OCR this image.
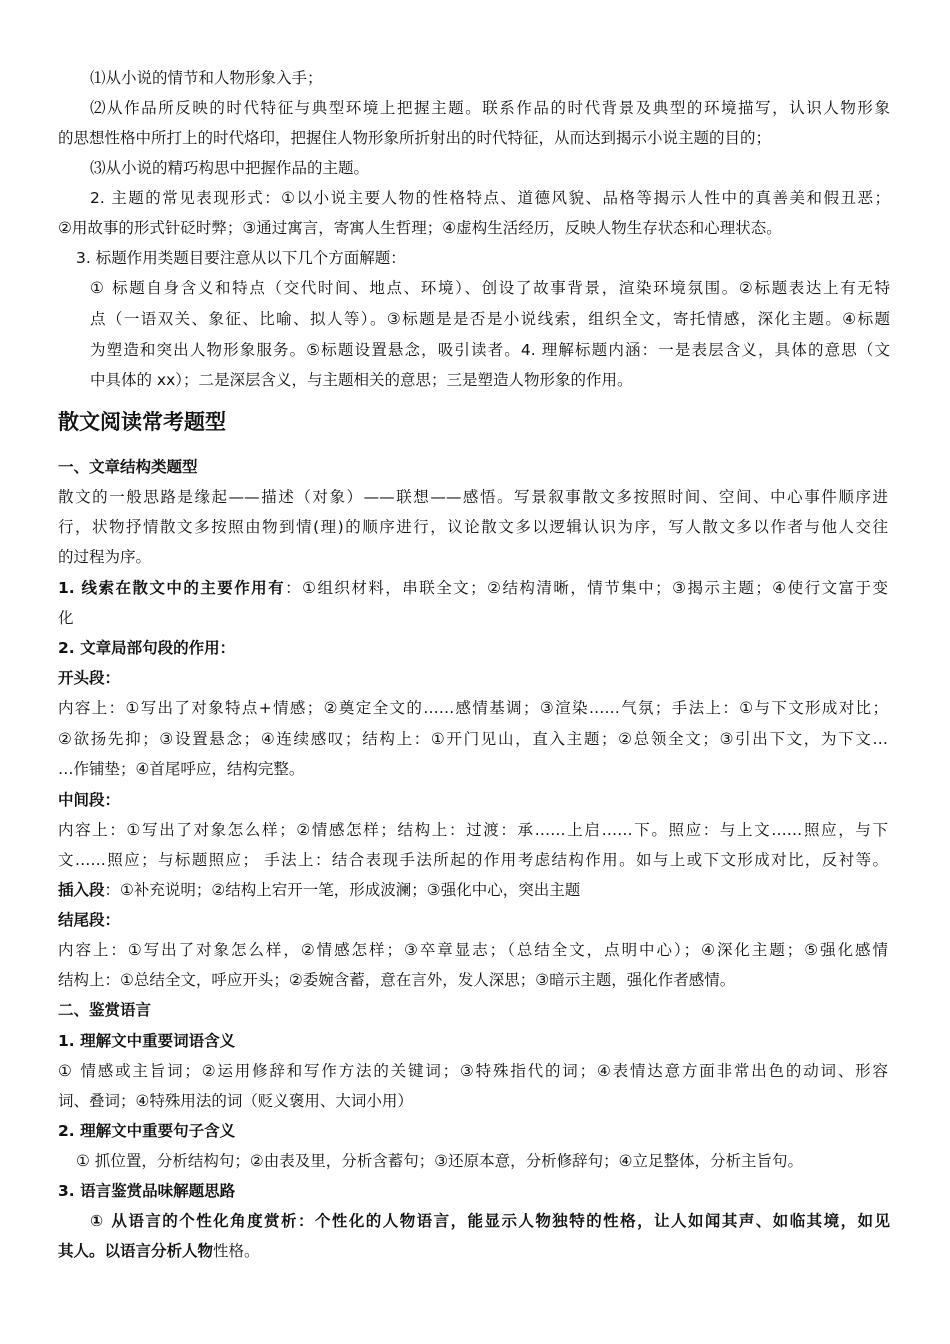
⑴从小说的情节和人物形象入手；
⑵从作品所反映的时代特征与典型环境上把握主题。联系作品的时代背景及典型的环境描写，认识人物形象
的思想性格中所打上的时代烙印，把握住人物形象所折射出的时代特征，从而达到揭示小说主题的目的；
⑶从小说的精巧构思中把握作品的主题。
2. 主题的常见表现形式：①以小说主要人物的性格特点、道德风貌、品格等揭示人性中的真善美和假丑恶；
②用故事的形式针砭时弊；③通过寓言，寄寓人生哲理；④虚构生活经历，反映人物生存状态和心理状态。
3. 标题作用类题目要注意从以下几个方面解题：
① 标题自身含义和特点（交代时间、地点、环境）、创设了故事背景，渲染环境氛围。②标题表达上有无特
点（一语双关、象征、比喻、拟人等）。③标题是是否是小说线索，组织全文，寄托情感，深化主题。④标题
为塑造和突出人物形象服务。⑤标题设置悬念，吸引读者。4. 理解标题内涵：一是表层含义，具体的意思（文
中具体的 xx）；二是深层含义，与主题相关的意思；三是塑造人物形象的作用。
散文阅读常考题型
一、文章结构类题型
散文的一般思路是缘起——描述（对象）——联想——感悟。写景叙事散文多按照时间、空间、中心事件顺序进
行，状物抒情散文多按照由物到情(理)的顺序进行，议论散文多以逻辑认识为序，写人散文多以作者与他人交往
的过程为序。
1. 线索在散文中的主要作用有：①组织材料，串联全文；②结构清晰，情节集中；③揭示主题；④使行文富于变
化
2. 文章局部句段的作用：
开头段：
内容上：①写出了对象特点+情感；②奠定全文的……感情基调；③渲染……气氛；手法上：①与下文形成对比；
②欲扬先抑；③设置悬念；④连续感叹；结构上：①开门见山，直入主题；②总领全文；③引出下文，为下文…
…作铺垫；④首尾呼应，结构完整。
中间段：
内容上：①写出了对象怎么样；②情感怎样；结构上：过渡：承……上启……下。照应：与上文……照应，与下
文……照应；与标题照应； 手法上：结合表现手法所起的作用考虑结构作用。如与上或下文形成对比，反衬等。
插入段：①补充说明；②结构上宕开一笔，形成波澜；③强化中心，突出主题
结尾段：
内容上：①写出了对象怎么样，②情感怎样；③卒章显志；（总结全文，点明中心）；④深化主题；⑤强化感情
结构上：①总结全文，呼应开头；②委婉含蓄，意在言外，发人深思；③暗示主题，强化作者感情。
二、鉴赏语言
1. 理解文中重要词语含义
① 情感或主旨词；②运用修辞和写作方法的关键词；③特殊指代的词；④表情达意方面非常出色的动词、形容
词、叠词；④特殊用法的词（贬义褒用、大词小用）
2. 理解文中重要句子含义
① 抓位置，分析结构句；②由表及里，分析含蓄句；③还原本意，分析修辞句；④立足整体，分析主旨句。
3. 语言鉴赏品味解题思路
① 从语言的个性化角度赏析：个性化的人物语言，能显示人物独特的性格，让人如闻其声、如临其境，如见
其人。以语言分析人物性格。
